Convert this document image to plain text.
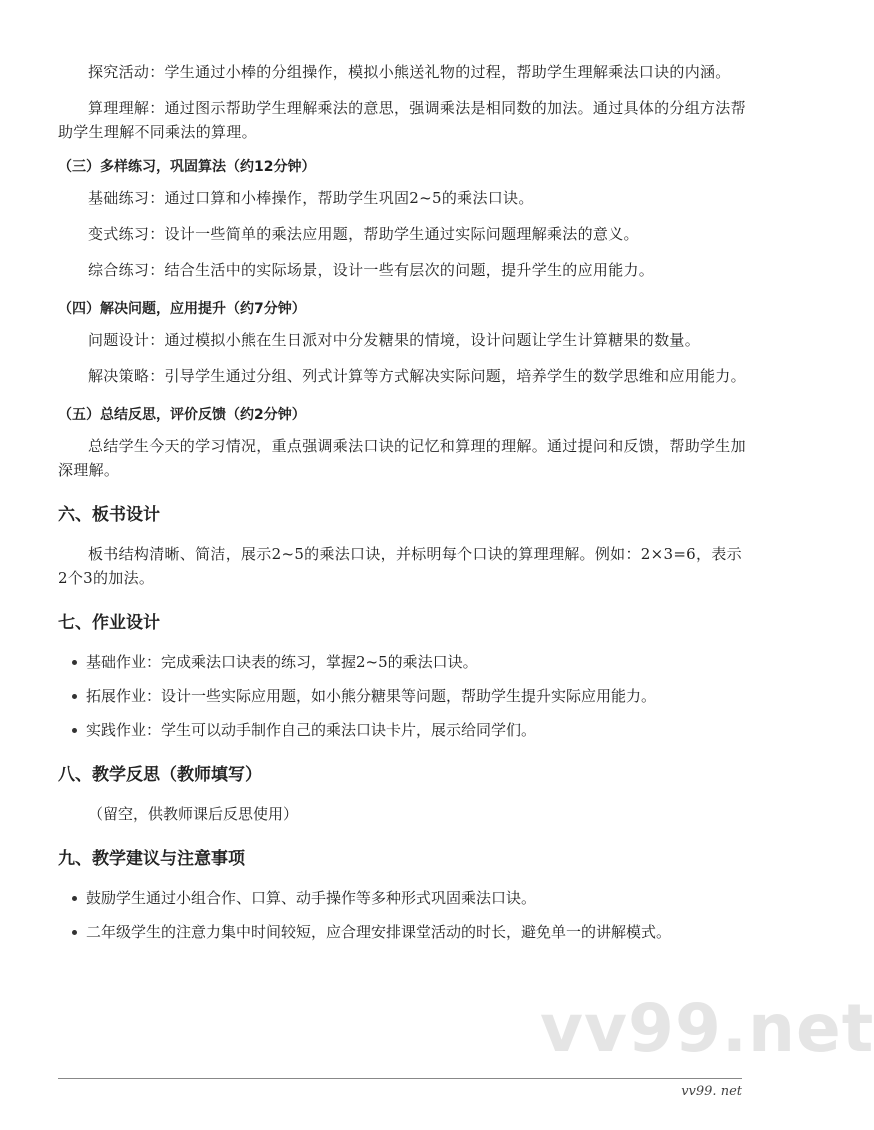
探究活动：学生通过小棒的分组操作，模拟小熊送礼物的过程，帮助学生理解乘法口诀的内涵。

算理理解：通过图示帮助学生理解乘法的意思，强调乘法是相同数的加法。通过具体的分组方法帮助学生理解不同乘法的算理。

（三）多样练习，巩固算法（约12分钟）

基础练习：通过口算和小棒操作，帮助学生巩固2~5的乘法口诀。

变式练习：设计一些简单的乘法应用题，帮助学生通过实际问题理解乘法的意义。

综合练习：结合生活中的实际场景，设计一些有层次的问题，提升学生的应用能力。

（四）解决问题，应用提升（约7分钟）

问题设计：通过模拟小熊在生日派对中分发糖果的情境，设计问题让学生计算糖果的数量。

解决策略：引导学生通过分组、列式计算等方式解决实际问题，培养学生的数学思维和应用能力。

（五）总结反思，评价反馈（约2分钟）

总结学生今天的学习情况，重点强调乘法口诀的记忆和算理的理解。通过提问和反馈，帮助学生加深理解。

六、板书设计

板书结构清晰、简洁，展示2~5的乘法口诀，并标明每个口诀的算理理解。例如：2×3=6，表示2个3的加法。

七、作业设计
基础作业：完成乘法口诀表的练习，掌握2~5的乘法口诀。
拓展作业：设计一些实际应用题，如小熊分糖果等问题，帮助学生提升实际应用能力。
实践作业：学生可以动手制作自己的乘法口诀卡片，展示给同学们。
八、教学反思（教师填写）

（留空，供教师课后反思使用）

九、教学建议与注意事项
鼓励学生通过小组合作、口算、动手操作等多种形式巩固乘法口诀。
二年级学生的注意力集中时间较短，应合理安排课堂活动的时长，避免单一的讲解模式。
vv99.net
vv99. net
